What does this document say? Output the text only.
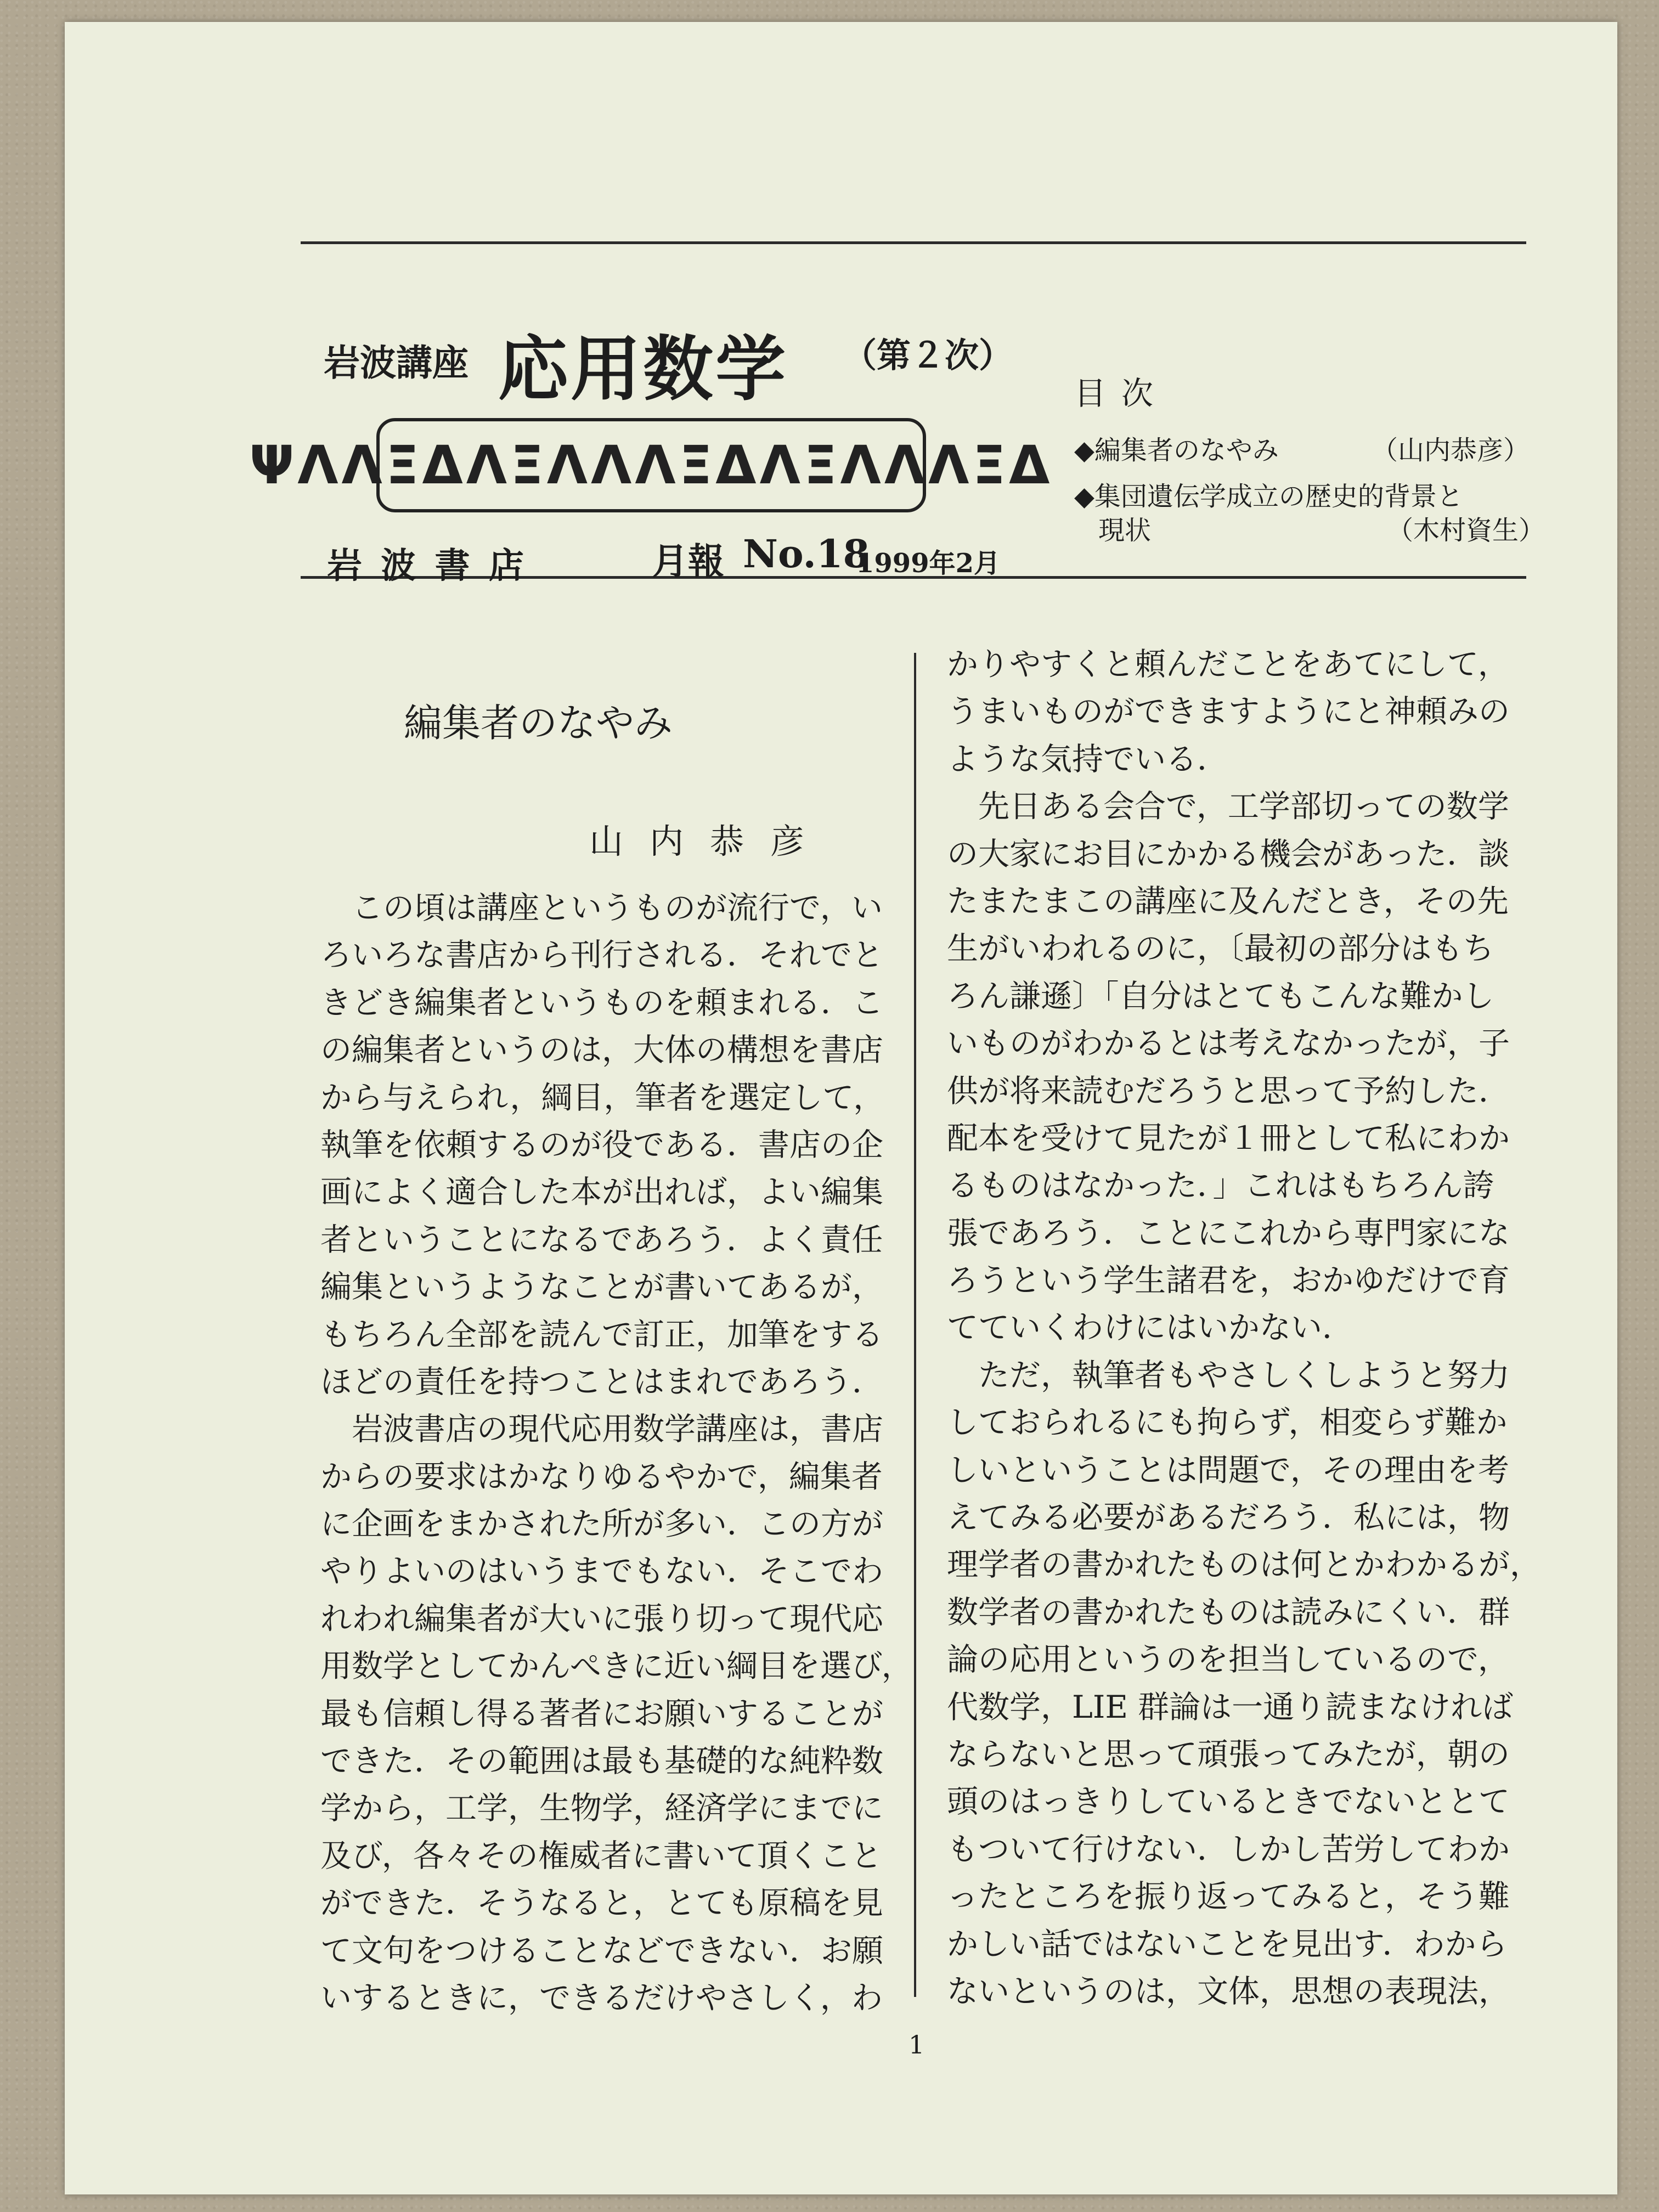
岩波講座 応用数学 （第２次）
ΨΛΛΞΔΛΞΛΛΛΞΔΛΞΛΛΛΞΔ
岩 波 書 店	月報 No.18
1999年2月
目次
◆編集者のなやみ	（山内恭彦）
◆集団遺伝学成立の歴史的背景と
現状	（木村資生）
編集者のなやみ
山内恭彦
　この頃は講座というものが流行で，い
ろいろな書店から刊行される．それでと
きどき編集者というものを頼まれる．こ
の編集者というのは，大体の構想を書店
から与えられ，綱目，筆者を選定して，
執筆を依頼するのが役である．書店の企
画によく適合した本が出れば，よい編集
者ということになるであろう．よく責任
編集というようなことが書いてあるが，
もちろん全部を読んで訂正，加筆をする
ほどの責任を持つことはまれであろう．
　岩波書店の現代応用数学講座は，書店
からの要求はかなりゆるやかで，編集者
に企画をまかされた所が多い．この方が
やりよいのはいうまでもない．そこでわ
れわれ編集者が大いに張り切って現代応
用数学としてかんぺきに近い綱目を選び，
最も信頼し得る著者にお願いすることが
できた．その範囲は最も基礎的な純粋数
学から，工学，生物学，経済学にまでに
及び，各々その権威者に書いて頂くこと
ができた．そうなると，とても原稿を見
て文句をつけることなどできない．お願
いするときに，できるだけやさしく，わ
かりやすくと頼んだことをあてにして，
うまいものができますようにと神頼みの
ような気持でいる．
　先日ある会合で，工学部切っての数学
の大家にお目にかかる機会があった．談
たまたまこの講座に及んだとき，その先
生がいわれるのに，〔最初の部分はもち
ろん謙遜〕「自分はとてもこんな難かし
いものがわかるとは考えなかったが，子
供が将来読むだろうと思って予約した．
配本を受けて見たが１冊として私にわか
るものはなかった．」これはもちろん誇
張であろう．ことにこれから専門家にな
ろうという学生諸君を，おかゆだけで育
てていくわけにはいかない．
　ただ，執筆者もやさしくしようと努力
しておられるにも拘らず，相変らず難か
しいということは問題で，その理由を考
えてみる必要があるだろう．私には，物
理学者の書かれたものは何とかわかるが，
数学者の書かれたものは読みにくい．群
論の応用というのを担当しているので，
代数学，LIE 群論は一通り読まなければ
ならないと思って頑張ってみたが，朝の
頭のはっきりしているときでないととて
もついて行けない．しかし苦労してわか
ったところを振り返ってみると，そう難
かしい話ではないことを見出す．わから
ないというのは，文体，思想の表現法，
1
